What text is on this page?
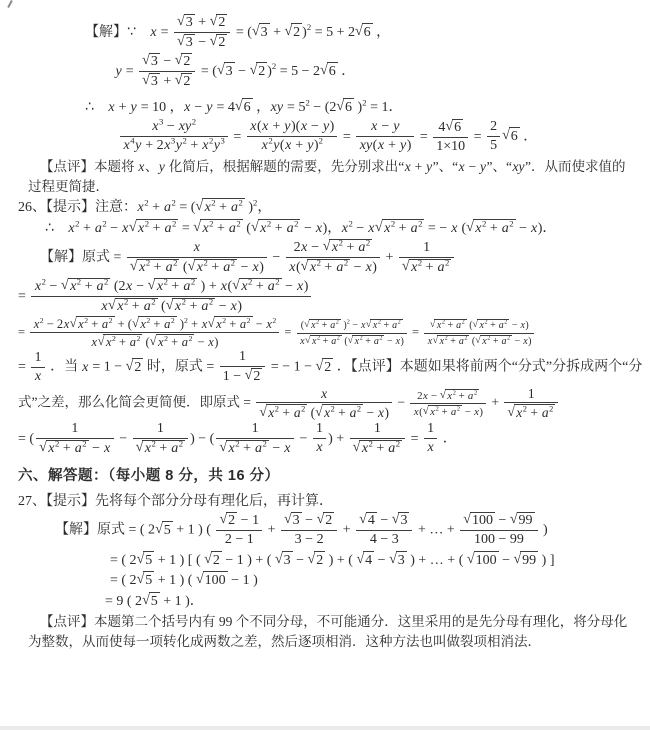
【解】∵　$x = \frac{√3 + √2}{√3 - √2} = (√3 + √2$ )$^2$ = 5 + 2√6 ，
$y = \frac{√3 - √2}{√3 + √2} = (√3 - √2$ )$^2$ = 5 − 2√6 ．
∴　x + y = 10 ，x − y = 4√6 ，xy = $5^2 - (2√6$ )$^2$ = 1．
$\frac{x^3 - xy^2}{x^4y + 2x^3y^2 + x^2y^3} = \frac{x(x + y)(x - y)}{x^2y(x + y)^2} = \frac{x - y}{xy(x + y)} = \frac{4√6}{1\times 10} = \frac{2}{5} √6$ ．
【点评】本题将 x、y 化简后，根据解题的需要，先分别求出“x + y”、“x − y”、“xy”．从而使求值的过程更简捷．
26、【提示】注意：$x^2 + a^2$ = (√ $x^2 + a^2$ )$^2$，
∴　$x^2 + a^2 - x√$ $x^2 + a^2$ = √ $x^2 + a^2$ (√ $x^2 + a^2 - x$)，$x^2 - x√$ $x^2 + a^2$ = − x (√ $x^2 + a^2 - x$)．
【解】原式 = $\frac{x}{√ x^2 + a^2 (√ x^2 + a^2 - x)} - \frac{2x - √ x^2 + a^2}{x(√ x^2 + a^2 - x)} + \frac{1}{√ x^2 + a^2}$
= $\frac{x^2 - √ x^2 + a^2 (2x - √ x^2 + a^2 ) + x(√ x^2 + a^2 - x)}{x√ x^2 + a^2 (√ x^2 + a^2 - x)}$
= $\frac{x^2 - 2x√ x^2 + a^2 + (√ x^2 + a^2 )^2 + x√ x^2 + a^2 - x^2}{x√ x^2 + a^2 (√ x^2 + a^2 - x)} = \frac{(√ x^2 + a^2 )^2 - x√ x^2 + a^2}{x√ x^2 + a^2 (√ x^2 + a^2 - x)} = \frac{√ x^2 + a^2 (√ x^2 + a^2 - x)}{x√ x^2 + a^2 (√ x^2 + a^2 - x)}$
= $\frac{1}{x}$ ．当 x = 1 − √2 时，原式 = $\frac{1}{1 - √2}$ = − 1 − √2 ．【点评】本题如果将前两个“分式”分拆成两个“分
式”之差，那么化简会更简便．即原式 = $\frac{x}{√ x^2 + a^2 (√ x^2 + a^2 - x)} - \frac{2x - √ x^2 + a^2}{x(√ x^2 + a^2 - x)} + \frac{1}{√ x^2 + a^2}$
= ( $\frac{1}{√ x^2 + a^2 - x} - \frac{1}{√ x^2 + a^2}$ ) − ( $\frac{1}{√ x^2 + a^2 - x} - \frac{1}{x}$ ) + $\frac{1}{√ x^2 + a^2} = \frac{1}{x}$ ．
六、解答题：（每小题 8 分，共 16 分）
27、【提示】先将每个部分分母有理化后，再计算．
【解】原式 = ( 2√5 + 1 ) ( $\frac{√2 - 1}{2 - 1} + \frac{√3 - √2}{3 - 2} + \frac{√4 - √3}{4 - 3}$ + … + $\frac{√100 - √99}{100 - 99}$ )
= ( 2√5 + 1 ) [ ( √2 − 1 ) + ( √3 − √2 ) + ( √4 − √3 ) + … + ( √100 − √99 ) ]
= ( 2√5 + 1 ) ( √100 − 1 )
= 9 ( 2√5 + 1 )．
【点评】本题第二个括号内有 99 个不同分母，不可能通分．这里采用的是先分母有理化，将分母化为整数，从而使每一项转化成两数之差，然后逐项相消．这种方法也叫做裂项相消法．
